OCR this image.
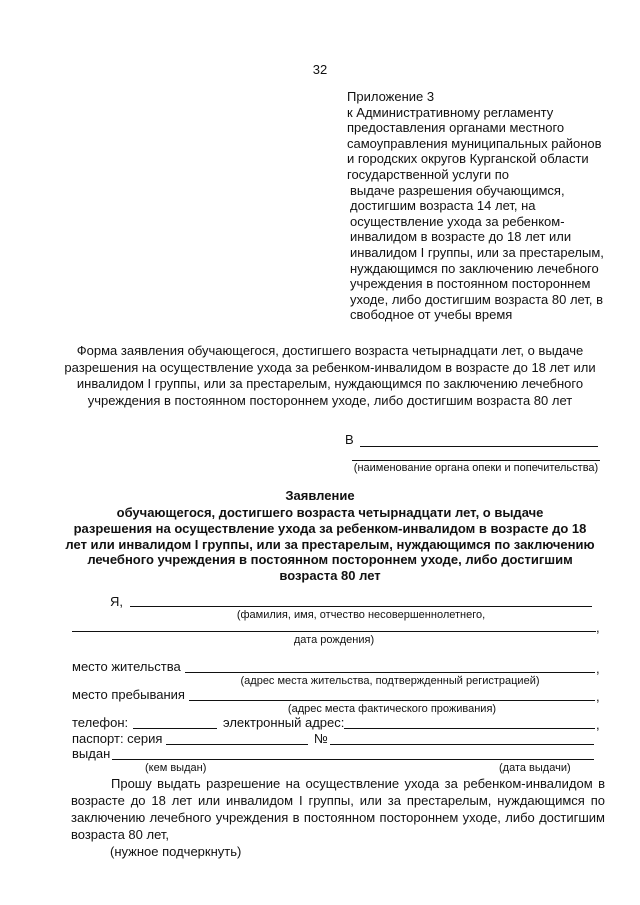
32
Приложение 3
к Административному регламенту
предоставления органами местного
самоуправления муниципальных районов
и городских округов Курганской области
государственной услуги по
выдаче разрешения обучающимся,
достигшим возраста 14 лет, на
осуществление ухода за ребенком-
инвалидом в возрасте до 18 лет или
инвалидом I группы, или за престарелым,
нуждающимся по заключению лечебного
учреждения в постоянном постороннем
уходе, либо достигшим возраста 80 лет, в
свободное от учебы время
Форма заявления обучающегося, достигшего возраста четырнадцати лет, о выдаче
разрешения на осуществление ухода за ребенком-инвалидом в возрасте до 18 лет или
инвалидом I группы, или за престарелым, нуждающимся по заключению лечебного
учреждения в постоянном постороннем уходе, либо достигшим возраста 80 лет
В
(наименование органа опеки и попечительства)
Заявление
обучающегося, достигшего возраста четырнадцати лет, о выдаче
разрешения на осуществление ухода за ребенком-инвалидом в возрасте до 18
лет или инвалидом I группы, или за престарелым, нуждающимся по заключению
лечебного учреждения в постоянном постороннем уходе, либо достигшим
возраста 80 лет
Я,
(фамилия, имя, отчество несовершеннолетнего,
,
дата рождения)
место жительства	,
(адрес места жительства, подтвержденный регистрацией)
место пребывания	,
(адрес места фактического проживания)
телефон:	электронный адрес:	,
паспорт: серия	№
выдан
(кем выдан)	(дата выдачи)
Прошу выдать разрешение на осуществление ухода за ребенком-инвалидом в
возрасте до 18 лет или инвалидом I группы, или за престарелым, нуждающимся по
заключению лечебного учреждения в постоянном постороннем уходе, либо достигшим
возраста 80 лет,
(нужное подчеркнуть)
